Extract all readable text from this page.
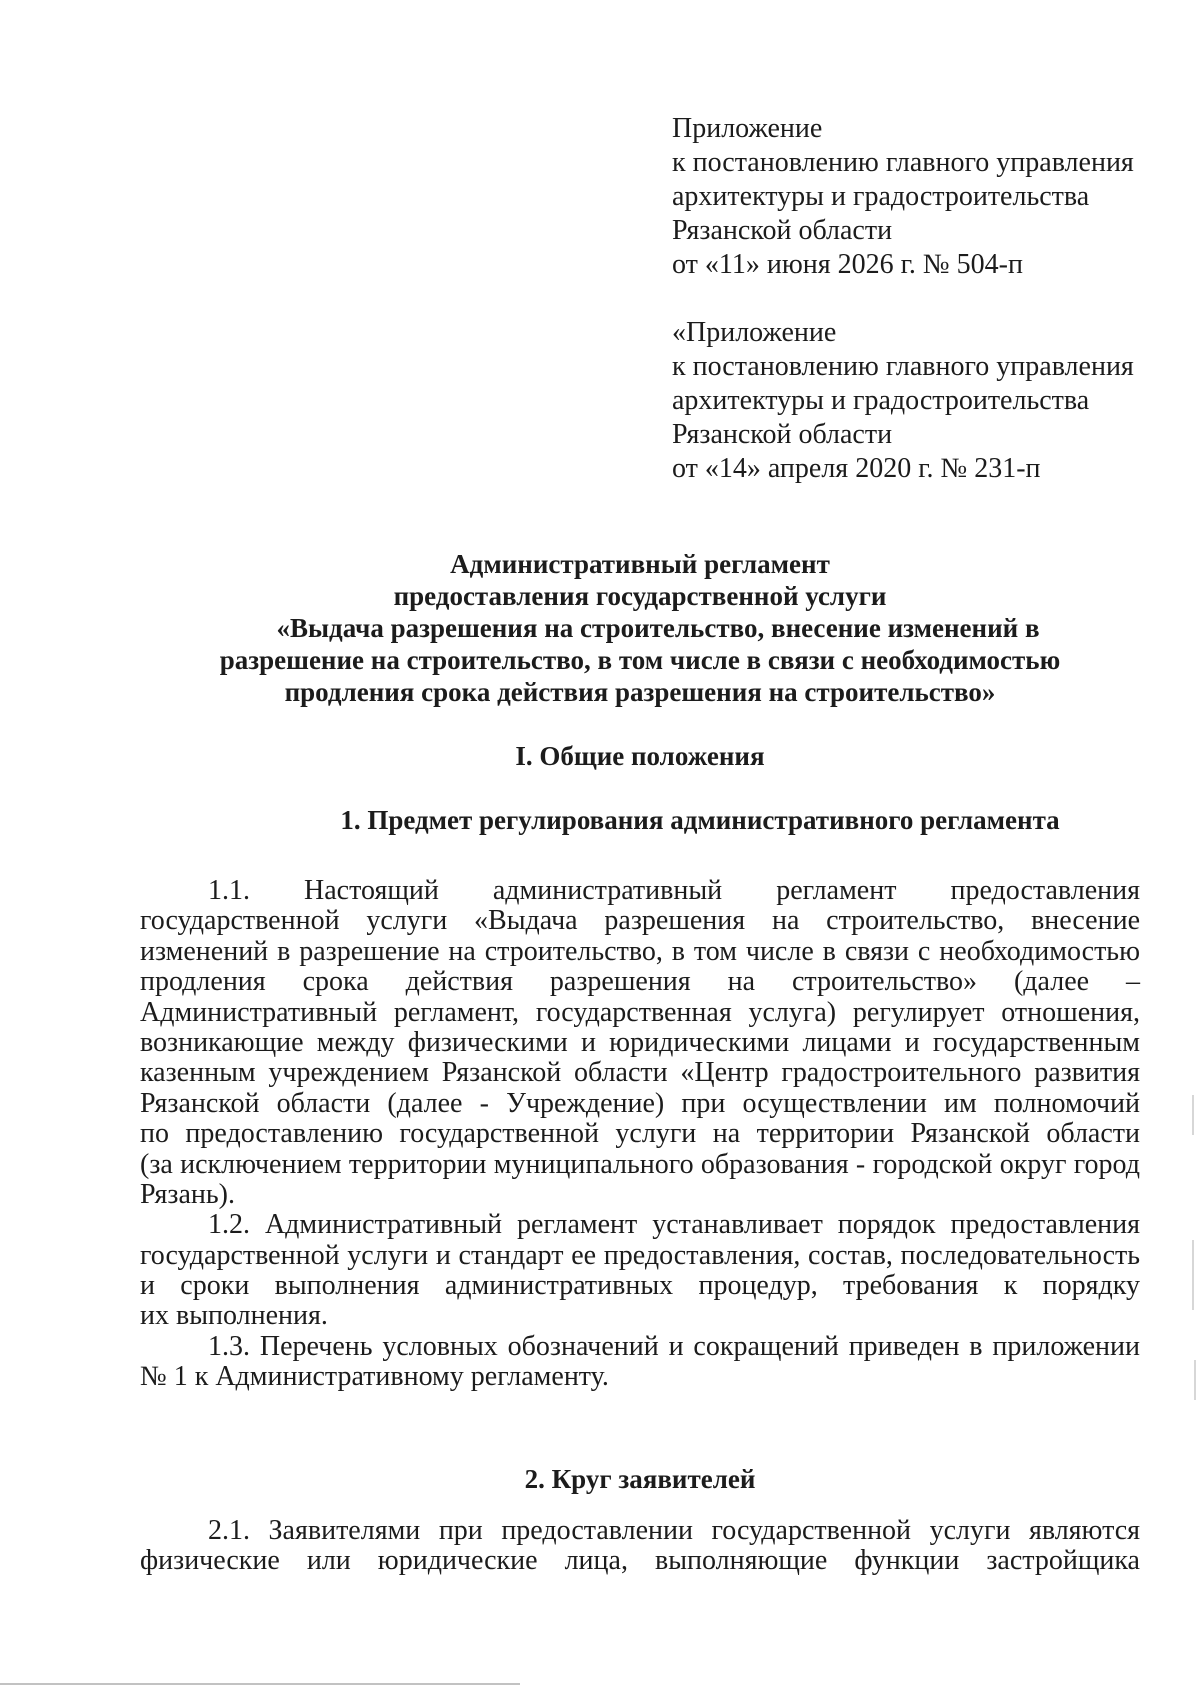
Приложение
к постановлению главного управления
архитектуры и градостроительства
Рязанской области
от «11» июня 2026 г. № 504-п
«Приложение
к постановлению главного управления
архитектуры и градостроительства
Рязанской области
от «14» апреля 2020 г. № 231-п
Административный регламент
предоставления государственной услуги
«Выдача разрешения на строительство, внесение изменений в
разрешение на строительство, в том числе в связи с необходимостью
продления срока действия разрешения на строительство»
I. Общие положения
1. Предмет регулирования административного регламента
1.1. Настоящий административный регламент предоставления
государственной услуги «Выдача разрешения на строительство, внесение
изменений в разрешение на строительство, в том числе в связи с необходимостью
продления срока действия разрешения на строительство» (далее –
Административный регламент, государственная услуга) регулирует отношения,
возникающие между физическими и юридическими лицами и государственным
казенным учреждением Рязанской области «Центр градостроительного развития
Рязанской области (далее - Учреждение) при осуществлении им полномочий
по предоставлению государственной услуги на территории Рязанской области
(за исключением территории муниципального образования - городской округ город
Рязань).
1.2. Административный регламент устанавливает порядок предоставления
государственной услуги и стандарт ее предоставления, состав, последовательность
и сроки выполнения административных процедур, требования к порядку
их выполнения.
1.3. Перечень условных обозначений и сокращений приведен в приложении
№ 1 к Административному регламенту.
2. Круг заявителей
2.1. Заявителями при предоставлении государственной услуги являются
физические или юридические лица, выполняющие функции застройщика
